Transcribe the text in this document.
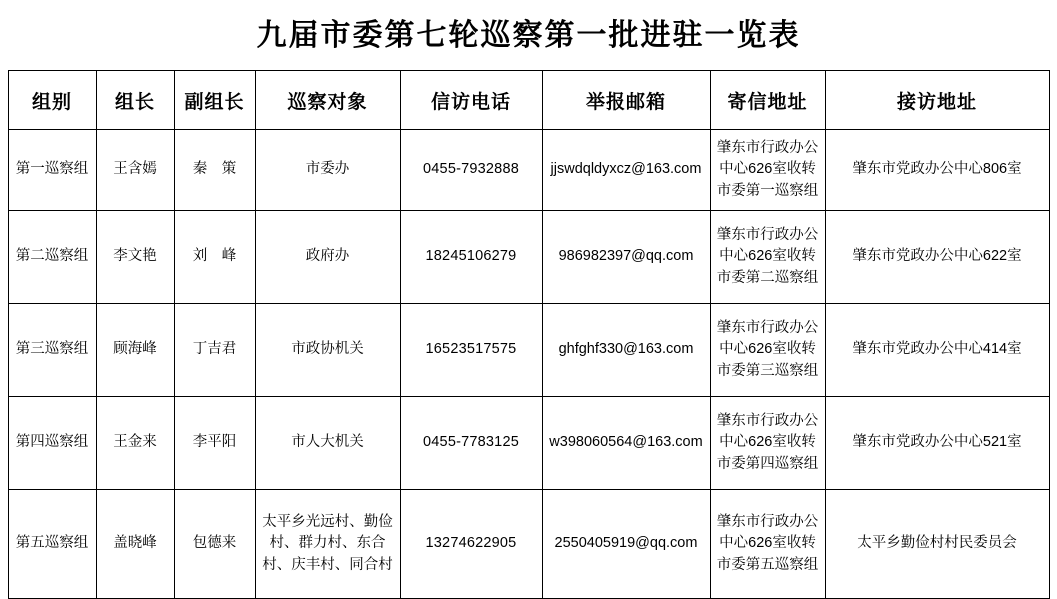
九届市委第七轮巡察第一批进驻一览表
组别	组长	副组长	巡察对象	信访电话	举报邮箱	寄信地址	接访地址
第一巡察组	王含嫣	秦　策	市委办	0455-7932888	jjswdqldyxcz@163.com	肇东市行政办公中心626室收转市委第一巡察组	肇东市党政办公中心806室
第二巡察组	李文艳	刘　峰	政府办	18245106279	986982397@qq.com	肇东市行政办公中心626室收转市委第二巡察组	肇东市党政办公中心622室
第三巡察组	顾海峰	丁吉君	市政协机关	16523517575	ghfghf330@163.com	肇东市行政办公中心626室收转市委第三巡察组	肇东市党政办公中心414室
第四巡察组	王金来	李平阳	市人大机关	0455-7783125	w398060564@163.com	肇东市行政办公中心626室收转市委第四巡察组	肇东市党政办公中心521室
第五巡察组	盖晓峰	包德来	太平乡光远村、勤俭村、群力村、东合村、庆丰村、同合村	13274622905	2550405919@qq.com	肇东市行政办公中心626室收转市委第五巡察组	太平乡勤俭村村民委员会
